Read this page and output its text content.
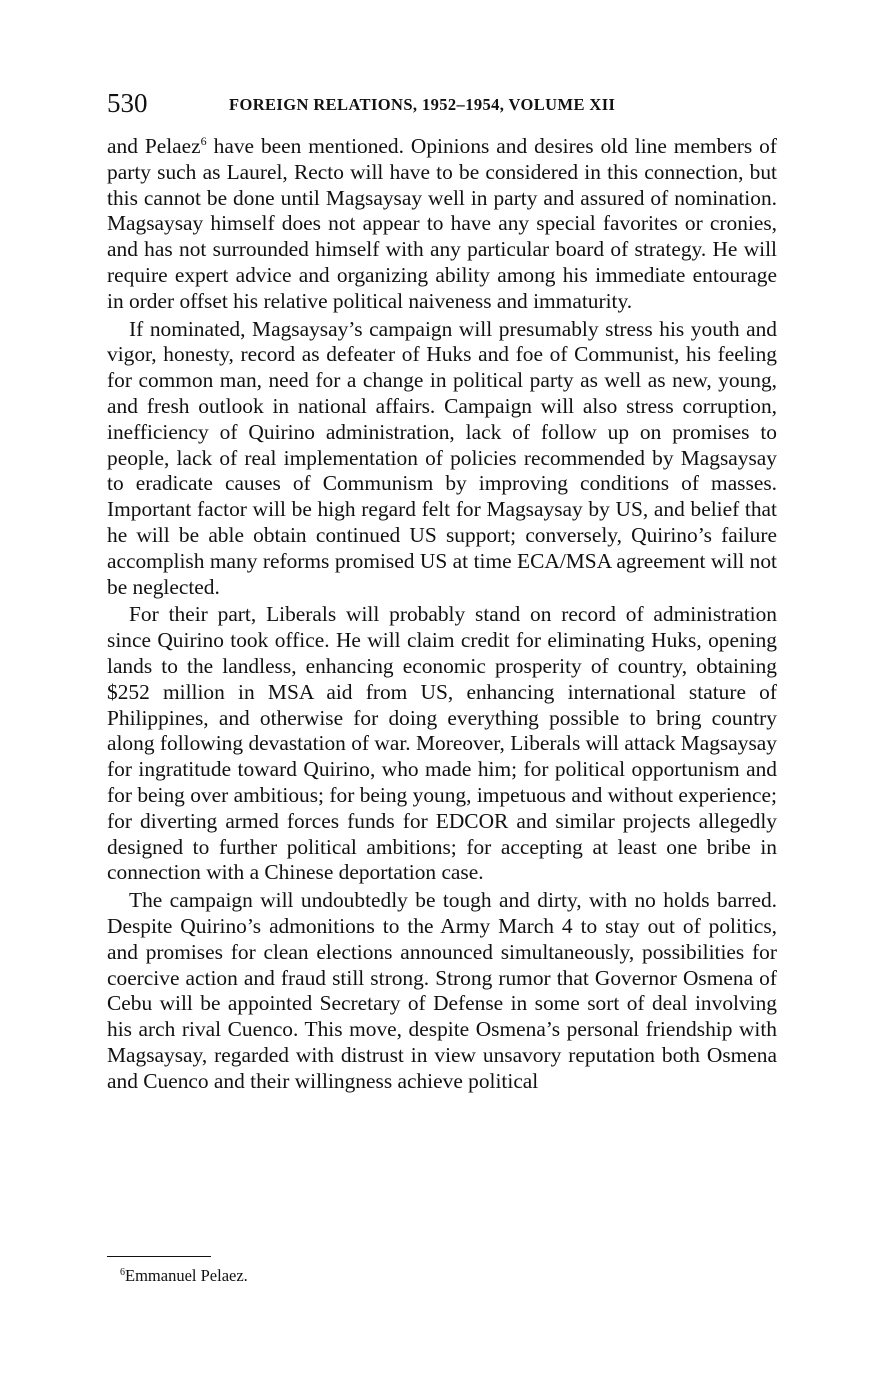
530	FOREIGN RELATIONS, 1952–1954, VOLUME XII

and Pelaez$^6$ have been mentioned. Opinions and desires old line members of party such as Laurel, Recto will have to be considered in this connection, but this cannot be done until Magsaysay well in party and assured of nomination. Magsaysay himself does not appear to have any special favorites or cronies, and has not surrounded himself with any particular board of strategy. He will require expert advice and organizing ability among his immediate entourage in order offset his relative political naiveness and immaturity.

If nominated, Magsaysay’s campaign will presumably stress his youth and vigor, honesty, record as defeater of Huks and foe of Communist, his feeling for common man, need for a change in political party as well as new, young, and fresh outlook in national affairs. Campaign will also stress corruption, inefficiency of Quirino administration, lack of follow up on promises to people, lack of real implementation of policies recommended by Magsaysay to eradicate causes of Communism by improving conditions of masses. Important factor will be high regard felt for Magsaysay by US, and belief that he will be able obtain continued US support; conversely, Quirino’s failure accomplish many reforms promised US at time ECA/MSA agreement will not be neglected.

For their part, Liberals will probably stand on record of administration since Quirino took office. He will claim credit for eliminating Huks, opening lands to the landless, enhancing economic prosperity of country, obtaining $252 million in MSA aid from US, enhancing international stature of Philippines, and otherwise for doing everything possible to bring country along following devastation of war. Moreover, Liberals will attack Magsaysay for ingratitude toward Quirino, who made him; for political opportunism and for being over ambitious; for being young, impetuous and without experience; for diverting armed forces funds for EDCOR and similar projects allegedly designed to further political ambitions; for accepting at least one bribe in connection with a Chinese deportation case.

The campaign will undoubtedly be tough and dirty, with no holds barred. Despite Quirino’s admonitions to the Army March 4 to stay out of politics, and promises for clean elections announced simultaneously, possibilities for coercive action and fraud still strong. Strong rumor that Governor Osmena of Cebu will be appointed Secretary of Defense in some sort of deal involving his arch rival Cuenco. This move, despite Osmena’s personal friendship with Magsaysay, regarded with distrust in view unsavory reputation both Osmena and Cuenco and their willingness achieve political

$^6$Emmanuel Pelaez.
